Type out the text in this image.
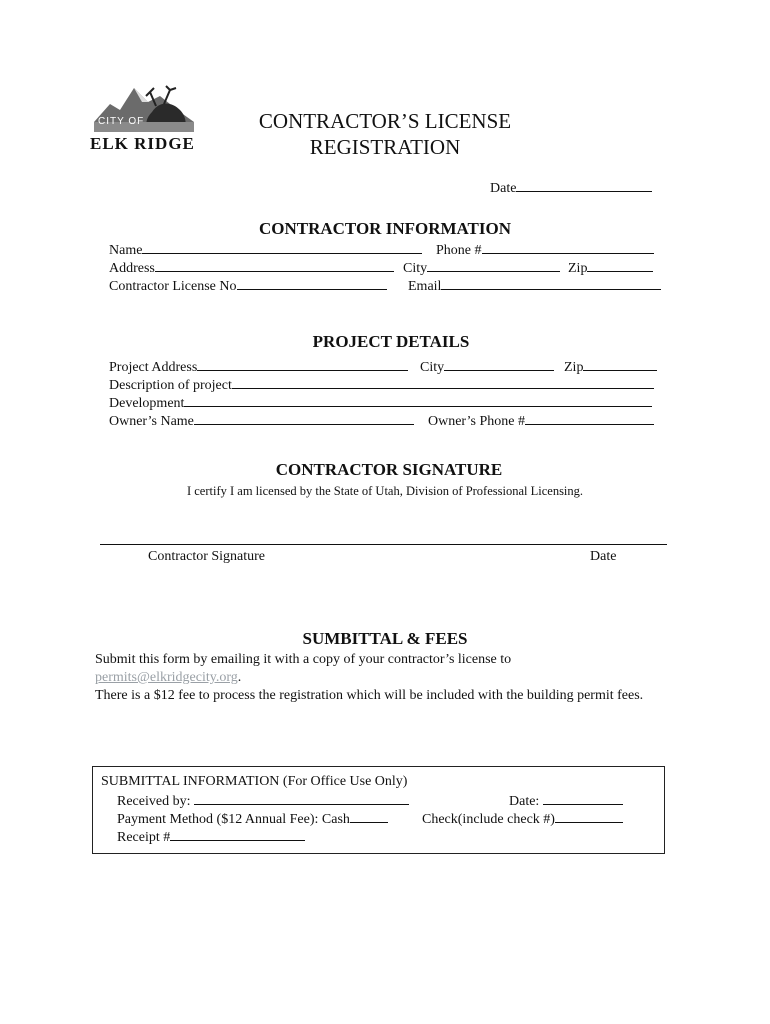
CITY OF
ELK RIDGE
CONTRACTOR’S LICENSE
REGISTRATION
Date
CONTRACTOR INFORMATION
Name	Phone #
Address	City	Zip
Contractor License No	Email
PROJECT DETAILS
Project Address	City	Zip
Description of project
Development
Owner’s Name	Owner’s Phone #
CONTRACTOR SIGNATURE
I certify I am licensed by the State of Utah, Division of Professional Licensing.
Contractor Signature	Date
SUMBITTAL & FEES
Submit this form by emailing it with a copy of your contractor’s license to
permits@elkridgecity.org.
There is a $12 fee to process the registration which will be included with the building permit fees.
SUBMITTAL INFORMATION (For Office Use Only)
Received by:	Date:
Payment Method ($12 Annual Fee): Cash	Check(include check #)
Receipt #
